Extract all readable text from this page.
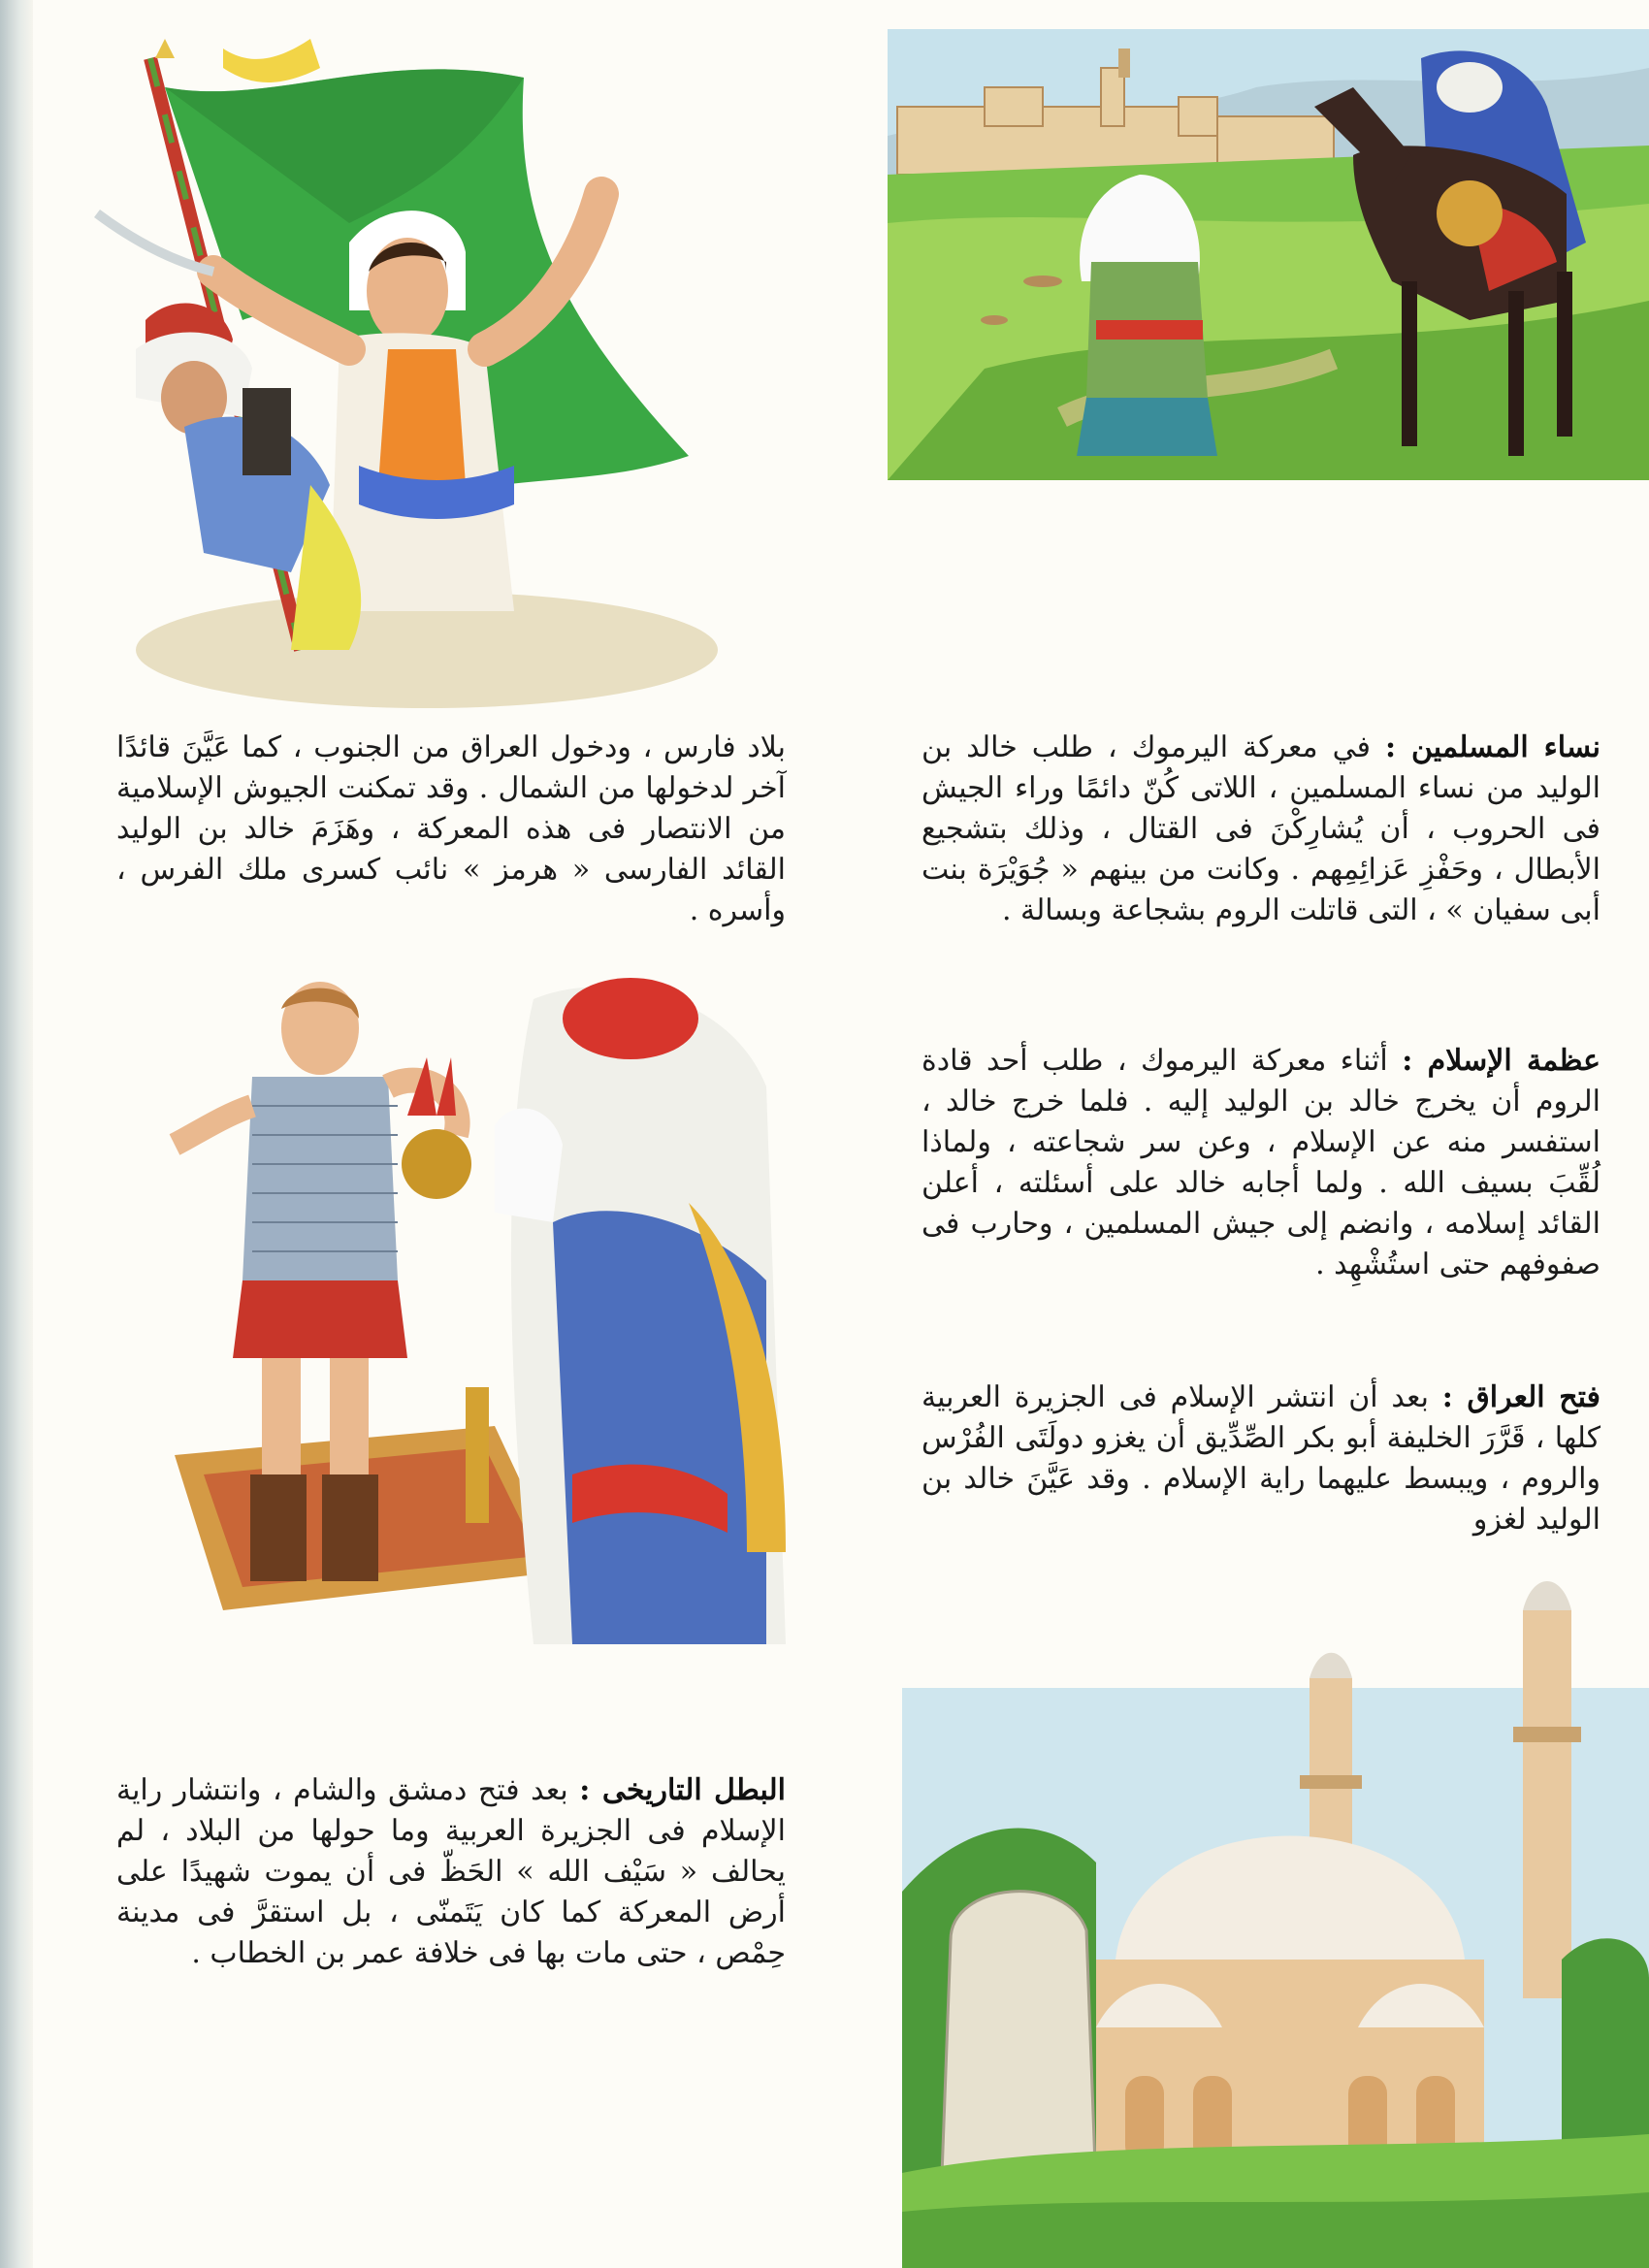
نساء المسلمين : في معركة اليرموك ، طلب خالد بن الوليد من نساء المسلمين ، اللاتى كُنّ دائمًا وراء الجيش فى الحروب ، أن يُشارِكْنَ فى القتال ، وذلك بتشجيع الأبطال ، وحَفْزِ عَزائِمِهم . وكانت من بينهم « جُوَيْرَة بنت أبى سفيان » ، التى قاتلت الروم بشجاعة وبسالة .

بلاد فارس ، ودخول العراق من الجنوب ، كما عَيَّنَ قائدًا آخر لدخولها من الشمال . وقد تمكنت الجيوش الإسلامية من الانتصار فى هذه المعركة ، وهَزَمَ خالد بن الوليد القائد الفارسى « هرمز » نائب كسرى ملك الفرس ، وأسره .

عظمة الإسلام : أثناء معركة اليرموك ، طلب أحد قادة الروم أن يخرج خالد بن الوليد إليه . فلما خرج خالد ، استفسر منه عن الإسلام ، وعن سر شجاعته ، ولماذا لُقِّبَ بسيف الله . ولما أجابه خالد على أسئلته ، أعلن القائد إسلامه ، وانضم إلى جيش المسلمين ، وحارب فى صفوفهم حتى استُشْهِد .

فتح العراق : بعد أن انتشر الإسلام فى الجزيرة العربية كلها ، قَرَّرَ الخليفة أبو بكر الصِّدِّيق أن يغزو دولَتَى الفُرْس والروم ، ويبسط عليهما راية الإسلام . وقد عَيَّنَ خالد بن الوليد لغزو

البطل التاريخى : بعد فتح دمشق والشام ، وانتشار راية الإسلام فى الجزيرة العربية وما حولها من البلاد ، لم يحالف « سَيْف الله » الحَظّ فى أن يموت شهيدًا على أرض المعركة كما كان يَتَمنّى ، بل استقرَّ فى مدينة حِمْص ، حتى مات بها فى خلافة عمر بن الخطاب .
